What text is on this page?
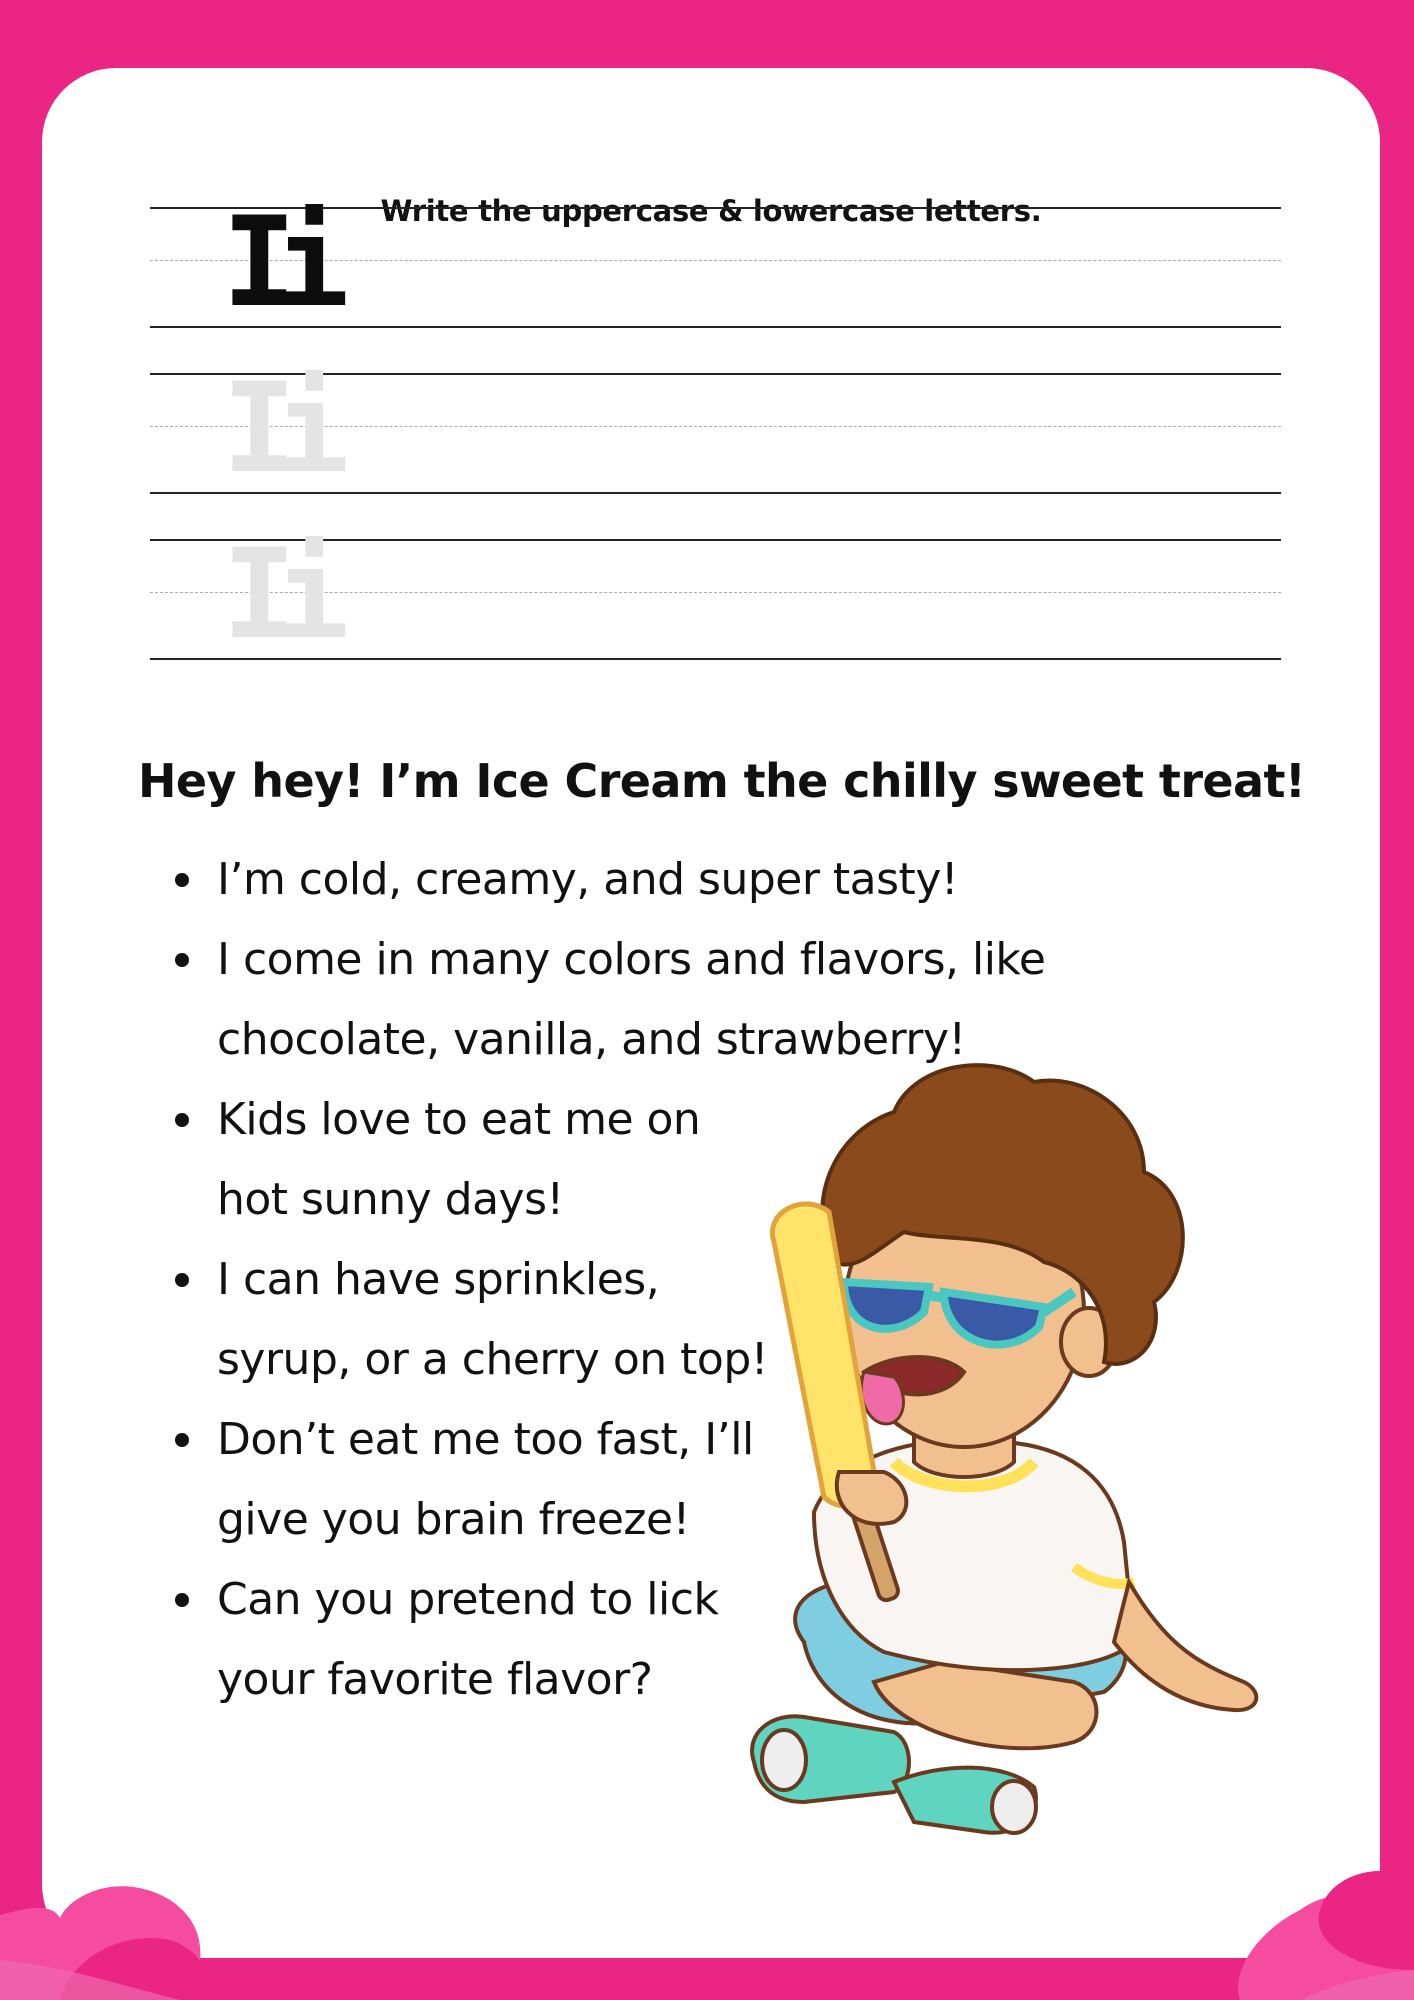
Write the uppercase & lowercase letters.
Ii
Ii
Ii
Hey hey! I’m Ice Cream the chilly sweet treat!
I’m cold, creamy, and super tasty!
I come in many colors and flavors, like
chocolate, vanilla, and strawberry!
Kids love to eat me on
hot sunny days!
I can have sprinkles,
syrup, or a cherry on top!
Don’t eat me too fast, I’ll
give you brain freeze!
Can you pretend to lick
your favorite flavor?
